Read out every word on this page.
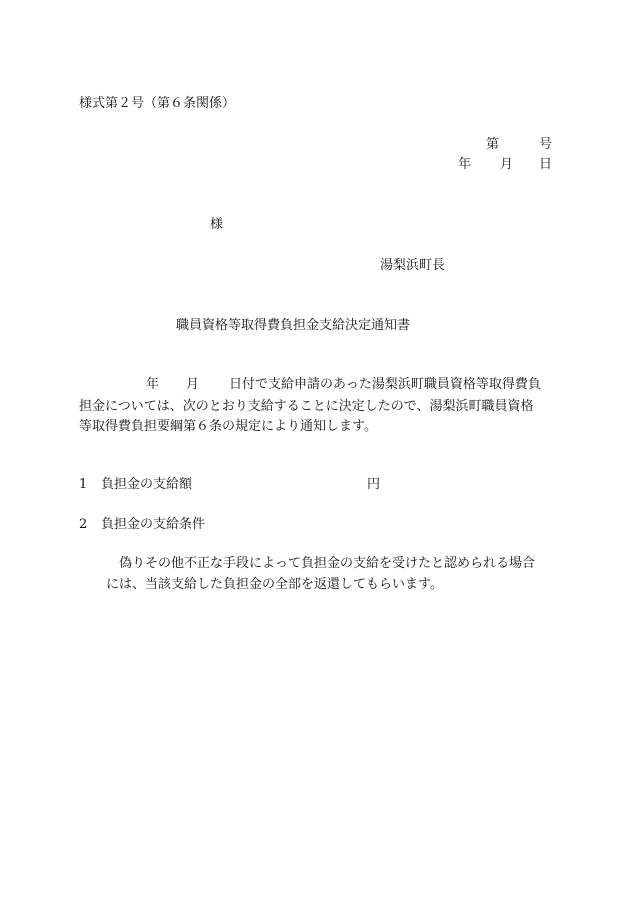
様式第２号（第６条関係）
第	号
年 月 日
様
湯梨浜町長
職員資格等取得費負担金支給決定通知書
年 月 日付で支給申請のあった湯梨浜町職員資格等取得費負
担金については、次のとおり支給することに決定したので、湯梨浜町職員資格
等取得費負担要綱第６条の規定により通知します。
1 負担金の支給額	円
2 負担金の支給条件
偽りその他不正な手段によって負担金の支給を受けたと認められる場合
には、当該支給した負担金の全部を返還してもらいます。
